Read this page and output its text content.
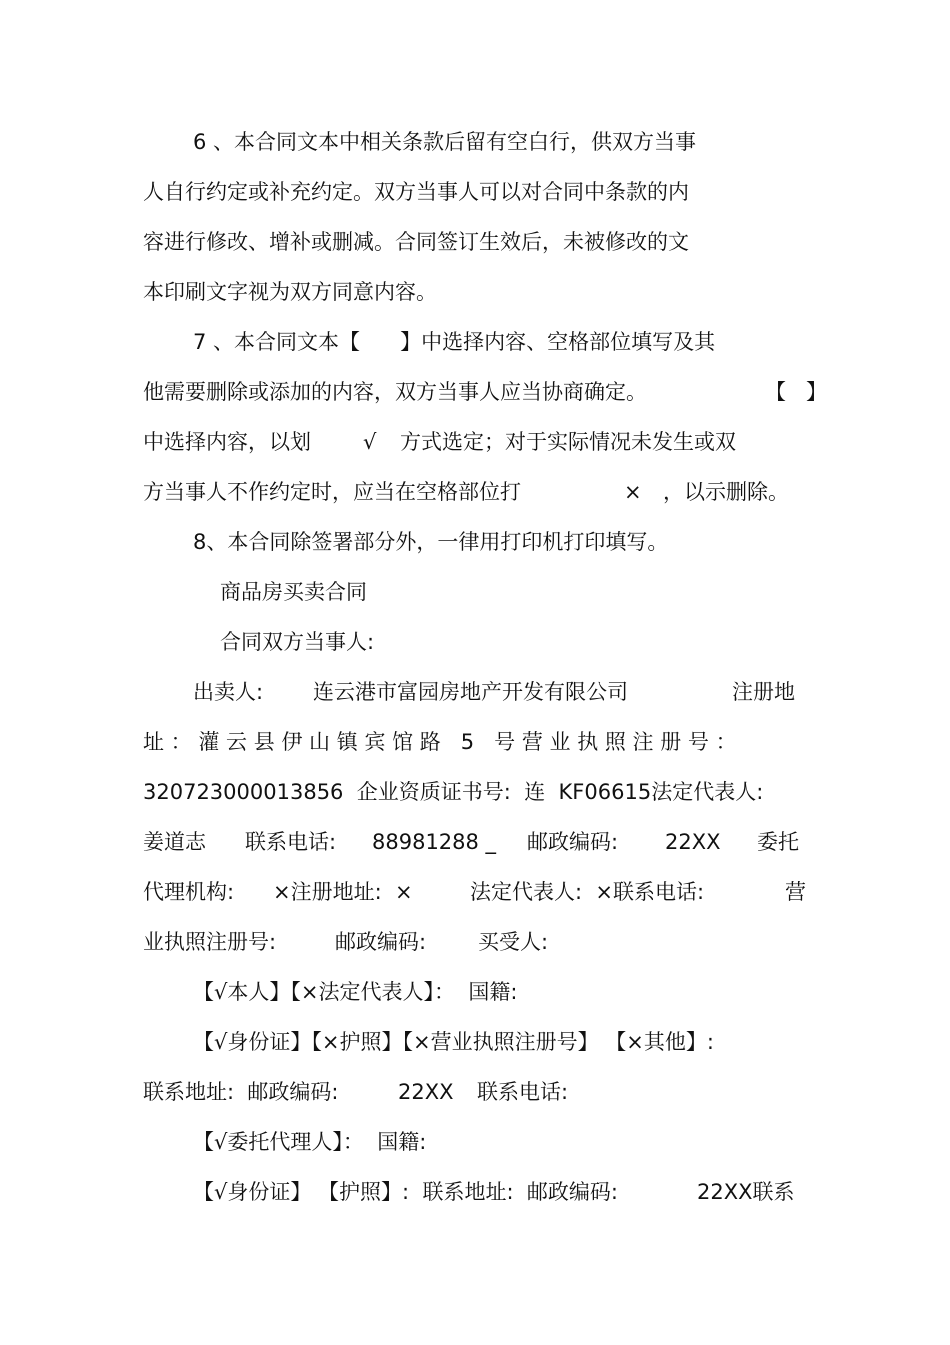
6 、本合同文本中相关条款后留有空白行，供双方当事

人自行约定或补充约定。双方当事人可以对合同中条款的内

容进行修改、增补或删减。合同签订生效后，未被修改的文

本印刷文字视为双方同意内容。

7 、本合同文本【      】中选择内容、空格部位填写及其

他需要删除或添加的内容，双方当事人应当协商确定。

	【   】

中选择内容，以划

√

方式选定；对于实际情况未发生或双

方当事人不作约定时，应当在空格部位打

	×

，以示删除。

8、本合同除签署部分外，一律用打印机打印填写。

商品房买卖合同

合同双方当事人:

出卖人:

连云港市富园房地产开发有限公司

	注册地

址 ： 灌 云 县 伊 山 镇 宾 馆 路   5   号 营 业 执 照 注 册 号 ：

320723000013856  企业资质证书号:  连  KF06615法定代表人:

姜道志

联系电话:

88981288 _

邮政编码:

22XX

委托

代理机构:

×注册地址:  ×

	法定代表人:  ×联系电话:

	营

业执照注册号:

	邮政编码:

买受人:

【√本人】【×法定代表人】：  国籍:

【√身份证】【×护照】【×营业执照注册号】 【×其他】:

联系地址:  邮政编码:

	22XX

联系电话:

【√委托代理人】：  国籍:

【√身份证】 【护照】:  联系地址:  邮政编码:

	22XX联系
